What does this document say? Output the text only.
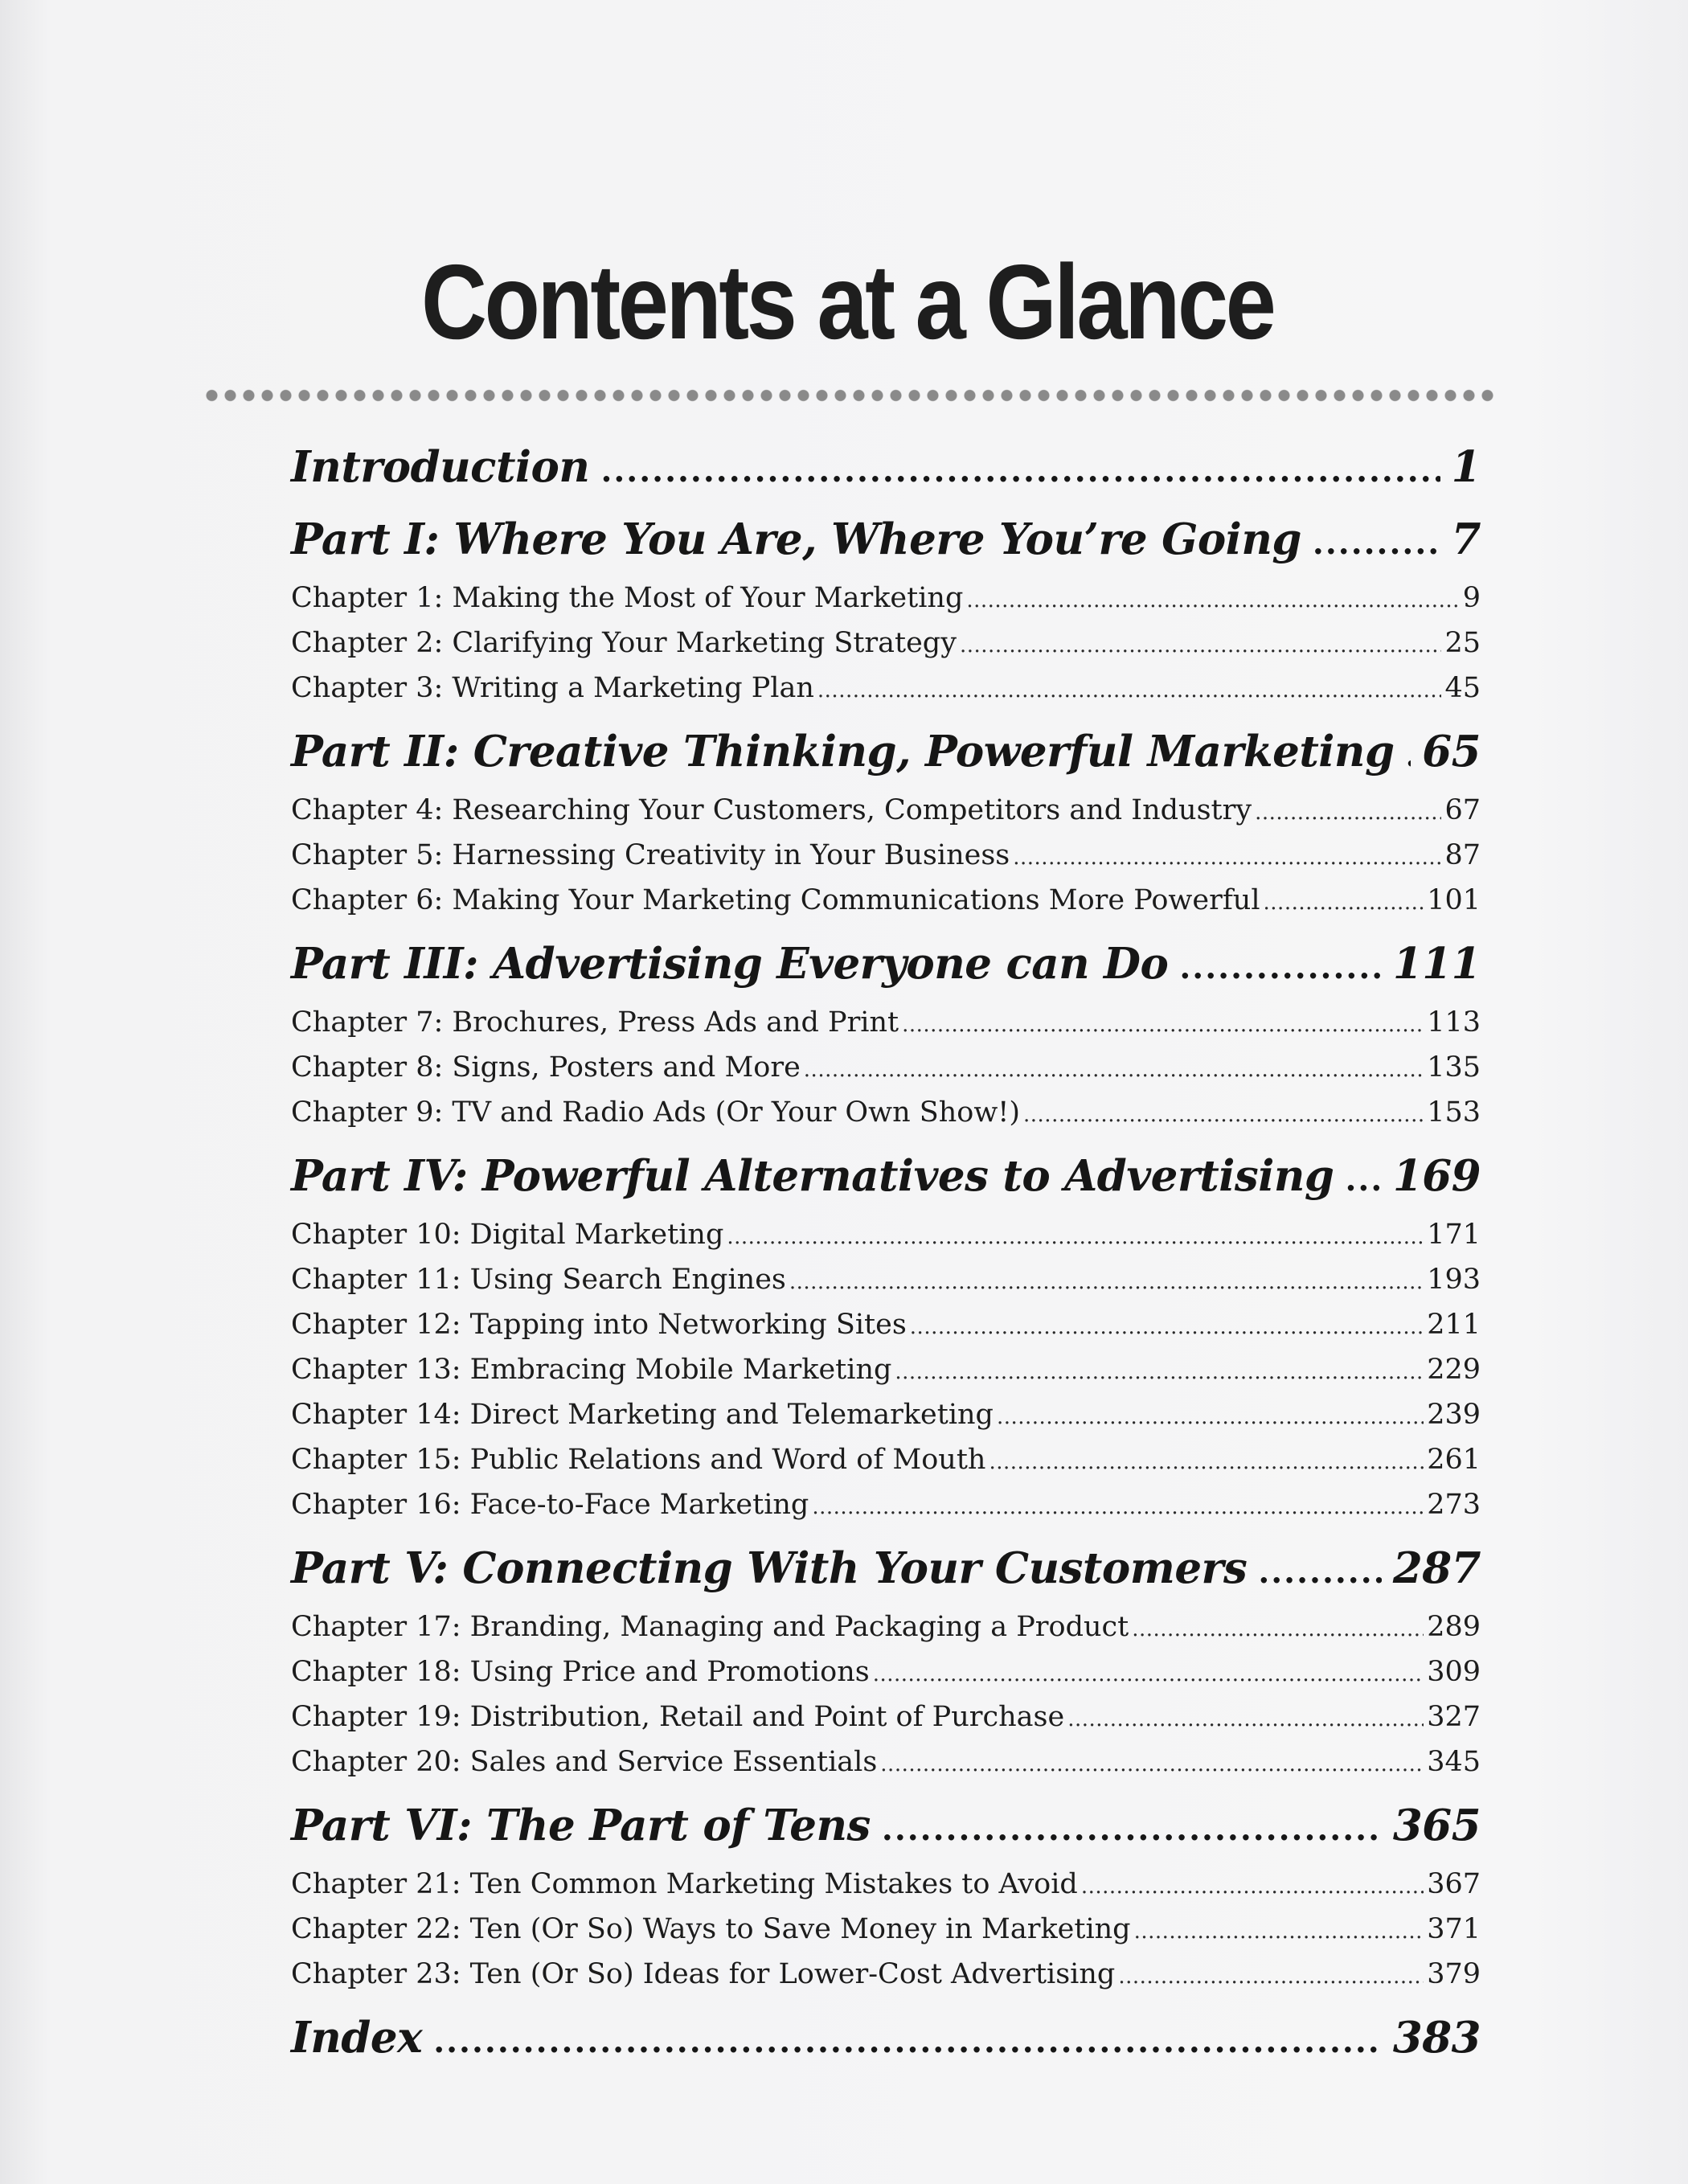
Contents at a Glance
Introduction .....	1
Part I: Where You Are, Where You’re Going .....	7
Chapter 1: Making the Most of Your Marketing .....	9
Chapter 2: Clarifying Your Marketing Strategy .....	25
Chapter 3: Writing a Marketing Plan .....	45
Part II: Creative Thinking, Powerful Marketing ..... 65
Chapter 4: Researching Your Customers, Competitors and Industry .....	67
Chapter 5: Harnessing Creativity in Your Business .....	87
Chapter 6: Making Your Marketing Communications More Powerful .....	101
Part III: Advertising Everyone can Do .....	111
Chapter 7: Brochures, Press Ads and Print .....	113
Chapter 8: Signs, Posters and More .....	135
Chapter 9: TV and Radio Ads (Or Your Own Show!) .....	153
Part IV: Powerful Alternatives to Advertising ..... 169
Chapter 10: Digital Marketing .....	171
Chapter 11: Using Search Engines .....	193
Chapter 12: Tapping into Networking Sites .....	211
Chapter 13: Embracing Mobile Marketing .....	229
Chapter 14: Direct Marketing and Telemarketing .....	239
Chapter 15: Public Relations and Word of Mouth .....	261
Chapter 16: Face-to-Face Marketing .....	273
Part V: Connecting With Your Customers .....	287
Chapter 17: Branding, Managing and Packaging a Product .....	289
Chapter 18: Using Price and Promotions .....	309
Chapter 19: Distribution, Retail and Point of Purchase .....	327
Chapter 20: Sales and Service Essentials .....	345
Part VI: The Part of Tens .....	365
Chapter 21: Ten Common Marketing Mistakes to Avoid .....	367
Chapter 22: Ten (Or So) Ways to Save Money in Marketing .....	371
Chapter 23: Ten (Or So) Ideas for Lower-Cost Advertising .....	379
Index .....	383
